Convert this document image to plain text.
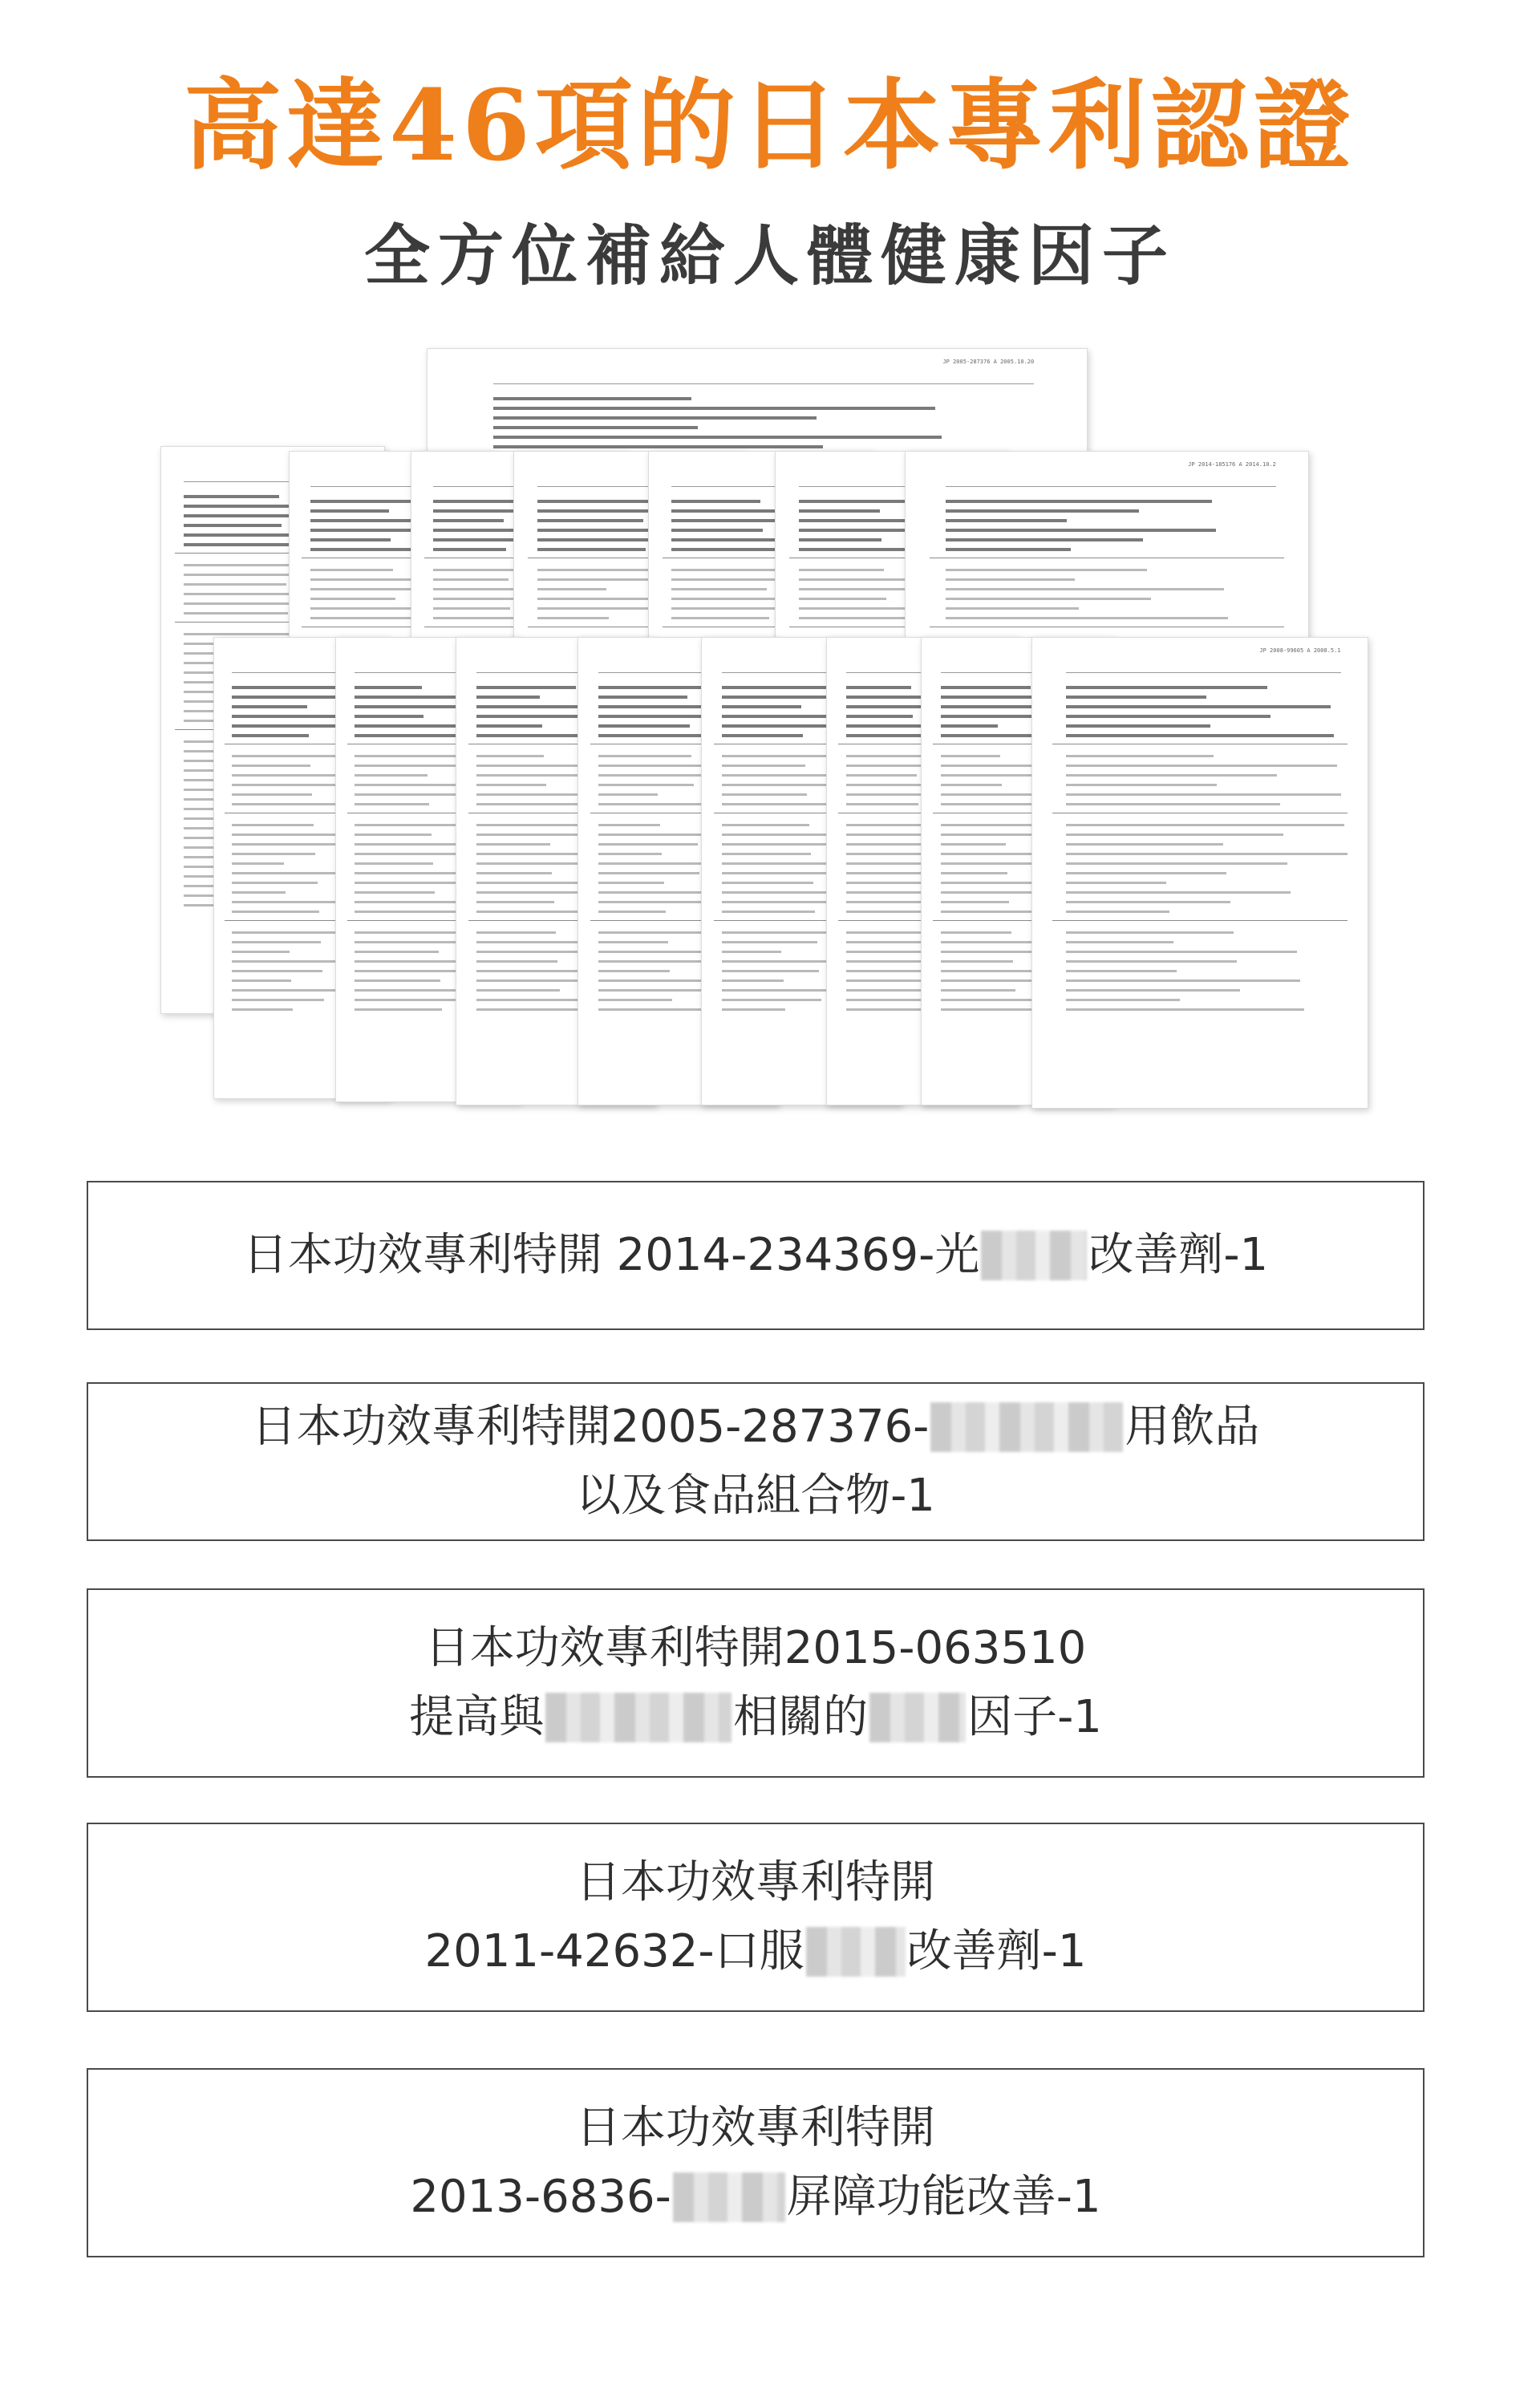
高達46項的日本專利認證
全方位補給人體健康因子
JP 2005-287376 A 2005.10.20
JP 2014-185176 A 2014.10.2
JP 2008-99605 A 2008.5.1
日本功效專利特開 2014-234369-光 改善劑-1
日本功效專利特開2005-287376-	用飲品
以及食品組合物-1
日本功效專利特開2015-063510
提高與	相關的 因子-1
日本功效專利特開
2011-42632-口服 改善劑-1
日本功效專利特開
2013-6836-	屏障功能改善-1
